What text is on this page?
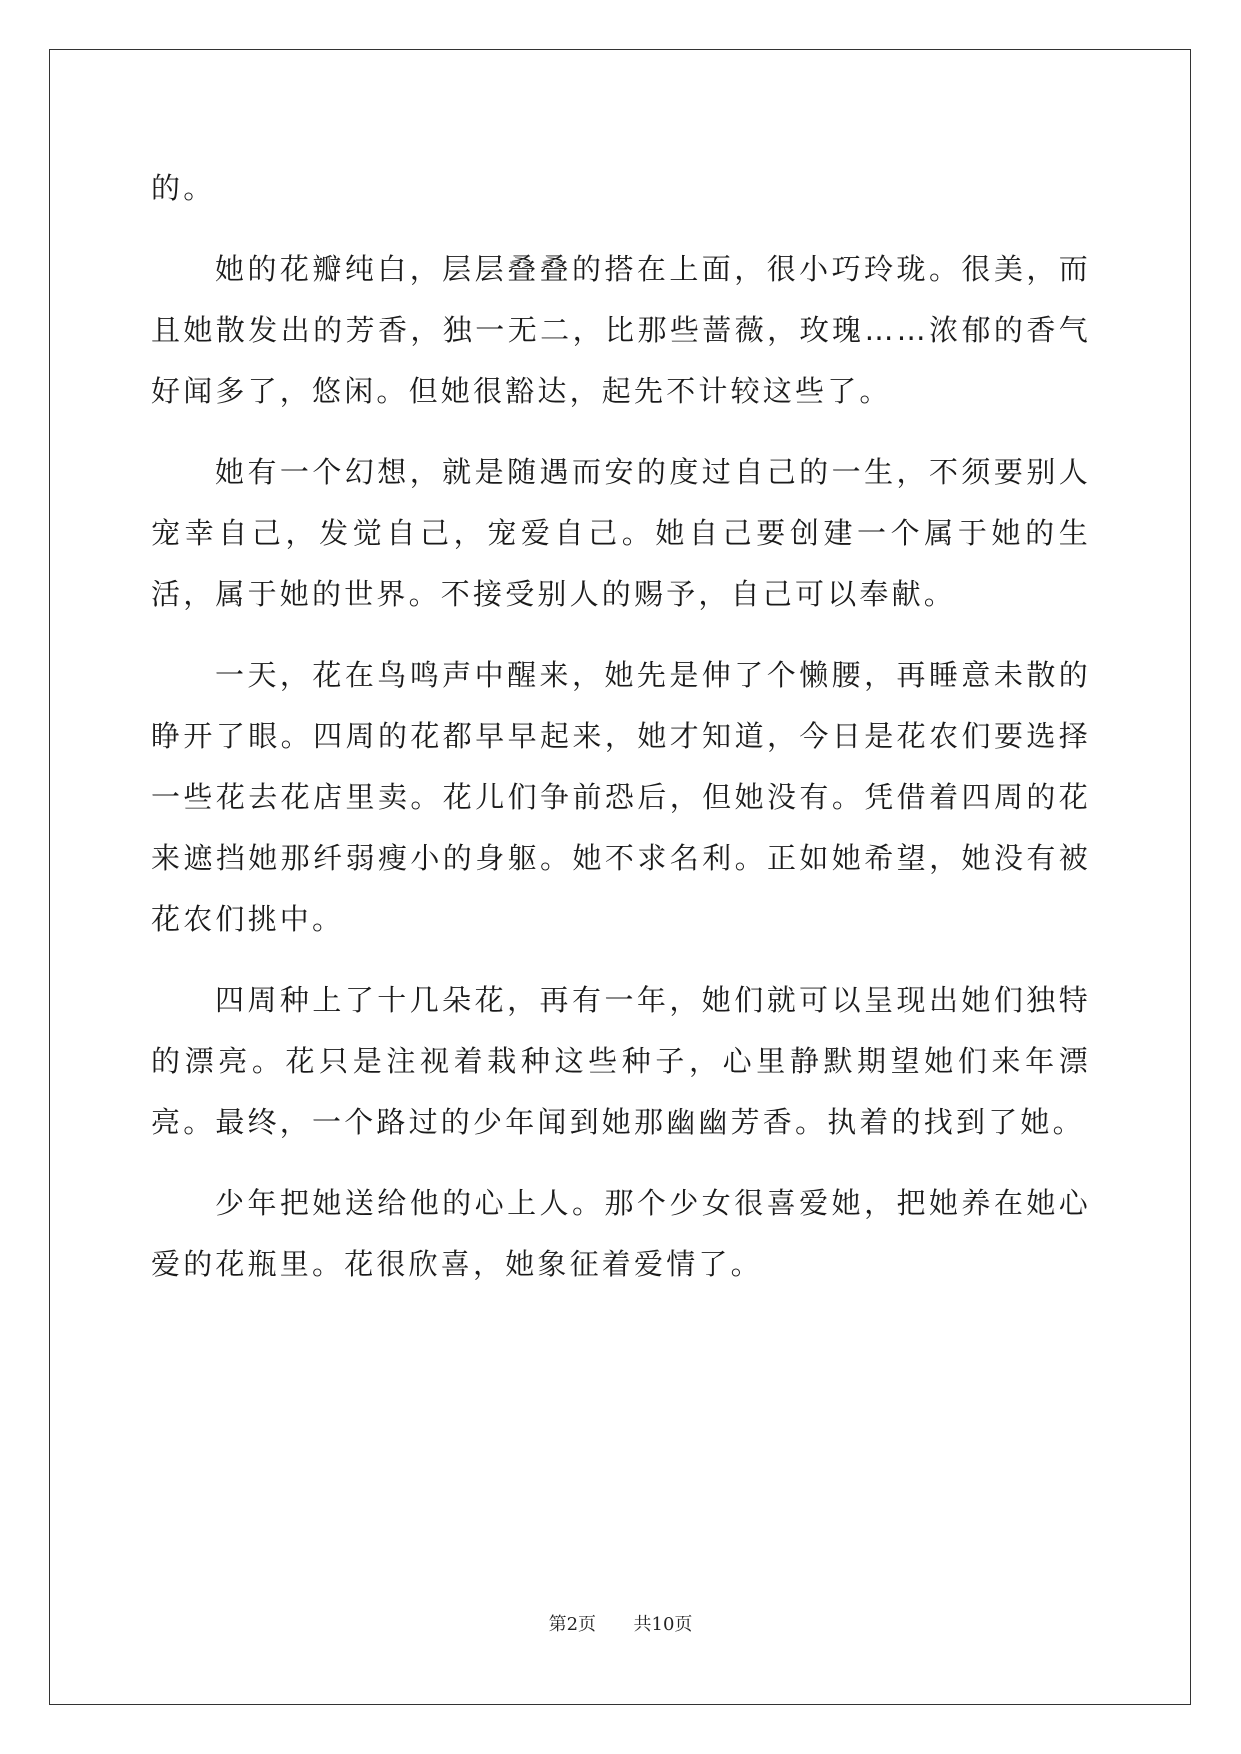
的。

她的花瓣纯白，层层叠叠的搭在上面，很小巧玲珑。很美，而且她散发出的芳香，独一无二，比那些蔷薇，玫瑰……浓郁的香气好闻多了，悠闲。但她很豁达，起先不计较这些了。

她有一个幻想，就是随遇而安的度过自己的一生，不须要别人宠幸自己，发觉自己，宠爱自己。她自己要创建一个属于她的生活，属于她的世界。不接受别人的赐予，自己可以奉献。

一天，花在鸟鸣声中醒来，她先是伸了个懒腰，再睡意未散的睁开了眼。四周的花都早早起来，她才知道，今日是花农们要选择一些花去花店里卖。花儿们争前恐后，但她没有。凭借着四周的花来遮挡她那纤弱瘦小的身躯。她不求名利。正如她希望，她没有被花农们挑中。

四周种上了十几朵花，再有一年，她们就可以呈现出她们独特的漂亮。花只是注视着栽种这些种子，心里静默期望她们来年漂亮。最终，一个路过的少年闻到她那幽幽芳香。执着的找到了她。

少年把她送给他的心上人。那个少女很喜爱她，把她养在她心爱的花瓶里。花很欣喜，她象征着爱情了。

第2页 共10页
